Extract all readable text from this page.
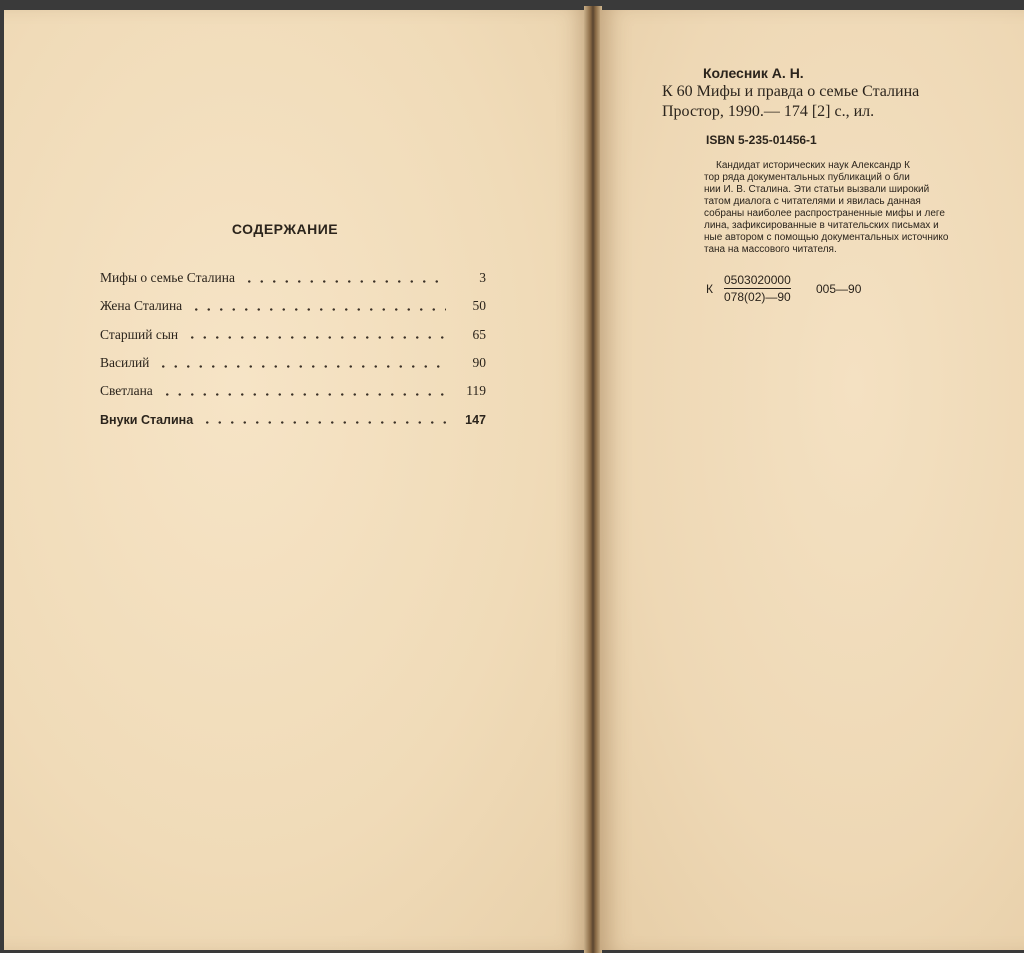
СОДЕРЖАНИЕ
Мифы о семье Сталина	3
Жена Сталина	50
Старший сын	65
Василий	90
Светлана	119
Внуки Сталина	147
Колесник А. Н.
К 60 Мифы и правда о семье Сталина
Простор, 1990.— 174 [2] с., ил.
ISBN 5-235-01456-1
Кандидат исторических наук Александр К
тор ряда документальных публикаций о бли
нии И. В. Сталина. Эти статьи вызвали широкий
татом диалога с читателями и явилась данная
собраны наиболее распространенные мифы и леге
лина, зафиксированные в читательских письмах и
ные автором с помощью документальных источнико
тана на массового читателя.
К
$\frac{0503020000}{078(02)—90}$
005—90
